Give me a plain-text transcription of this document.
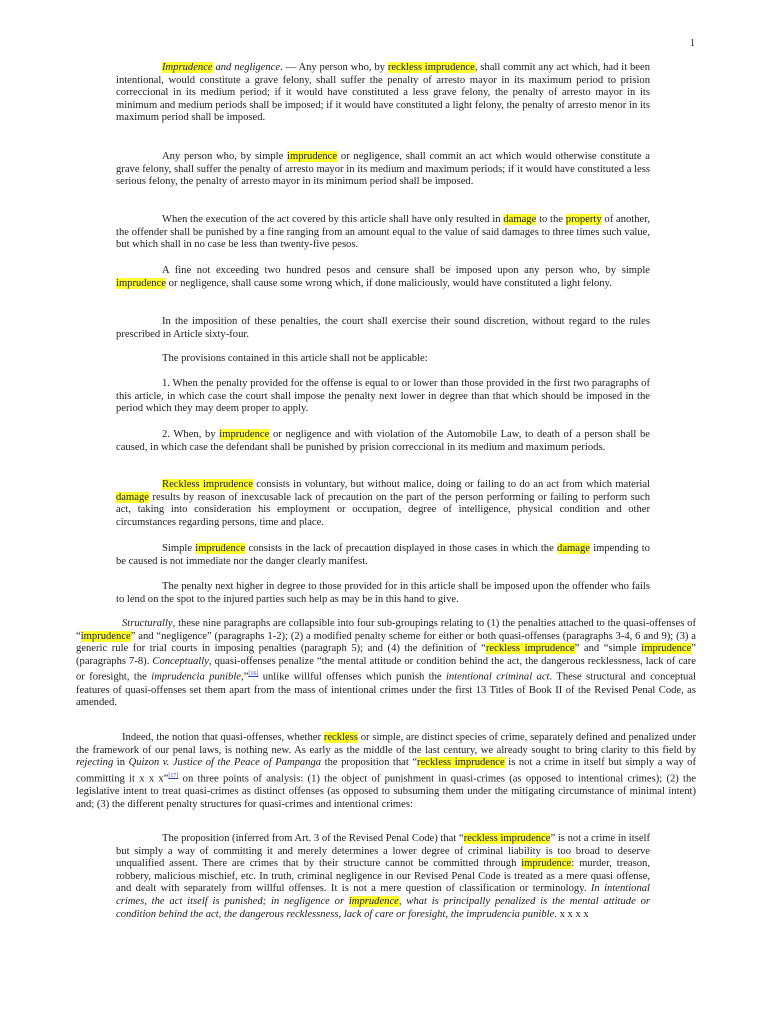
1

Imprudence and negligence. — Any person who, by reckless imprudence, shall commit any act which, had it been intentional, would constitute a grave felony, shall suffer the penalty of arresto mayor in its maximum period to prision correccional in its medium period; if it would have constituted a less grave felony, the penalty of arresto mayor in its minimum and medium periods shall be imposed; if it would have constituted a light felony, the penalty of arresto menor in its maximum period shall be imposed.

Any person who, by simple imprudence or negligence, shall commit an act which would otherwise constitute a grave felony, shall suffer the penalty of arresto mayor in its medium and maximum periods; if it would have constituted a less serious felony, the penalty of arresto mayor in its minimum period shall be imposed.

When the execution of the act covered by this article shall have only resulted in damage to the property of another, the offender shall be punished by a fine ranging from an amount equal to the value of said damages to three times such value, but which shall in no case be less than twenty-five pesos.

A fine not exceeding two hundred pesos and censure shall be imposed upon any person who, by simple imprudence or negligence, shall cause some wrong which, if done maliciously, would have constituted a light felony.

In the imposition of these penalties, the court shall exercise their sound discretion, without regard to the rules prescribed in Article sixty-four.

The provisions contained in this article shall not be applicable:

1. When the penalty provided for the offense is equal to or lower than those provided in the first two paragraphs of this article, in which case the court shall impose the penalty next lower in degree than that which should be imposed in the period which they may deem proper to apply.

2. When, by imprudence or negligence and with violation of the Automobile Law, to death of a person shall be caused, in which case the defendant shall be punished by prision correccional in its medium and maximum periods.

Reckless imprudence consists in voluntary, but without malice, doing or failing to do an act from which material damage results by reason of inexcusable lack of precaution on the part of the person performing or failing to perform such act, taking into consideration his employment or occupation, degree of intelligence, physical condition and other circumstances regarding persons, time and place.

Simple imprudence consists in the lack of precaution displayed in those cases in which the damage impending to be caused is not immediate nor the danger clearly manifest.

The penalty next higher in degree to those provided for in this article shall be imposed upon the offender who fails to lend on the spot to the injured parties such help as may be in this hand to give.

Structurally, these nine paragraphs are collapsible into four sub-groupings relating to (1) the penalties attached to the quasi-offenses of “imprudence” and “negligence” (paragraphs 1-2); (2) a modified penalty scheme for either or both quasi-offenses (paragraphs 3-4, 6 and 9); (3) a generic rule for trial courts in imposing penalties (paragraph 5); and (4) the definition of “reckless imprudence” and “simple imprudence” (paragraphs 7-8). Conceptually, quasi-offenses penalize “the mental attitude or condition behind the act, the dangerous recklessness, lack of care or foresight, the imprudencia punible,”[16] unlike willful offenses which punish the intentional criminal act. These structural and conceptual features of quasi-offenses set them apart from the mass of intentional crimes under the first 13 Titles of Book II of the Revised Penal Code, as amended.

Indeed, the notion that quasi-offenses, whether reckless or simple, are distinct species of crime, separately defined and penalized under the framework of our penal laws, is nothing new. As early as the middle of the last century, we already sought to bring clarity to this field by rejecting in Quizon v. Justice of the Peace of Pampanga the proposition that “reckless imprudence is not a crime in itself but simply a way of committing it x x x”[17] on three points of analysis: (1) the object of punishment in quasi-crimes (as opposed to intentional crimes); (2) the legislative intent to treat quasi-crimes as distinct offenses (as opposed to subsuming them under the mitigating circumstance of minimal intent) and; (3) the different penalty structures for quasi-crimes and intentional crimes:

The proposition (inferred from Art. 3 of the Revised Penal Code) that “reckless imprudence” is not a crime in itself but simply a way of committing it and merely determines a lower degree of criminal liability is too broad to deserve unqualified assent. There are crimes that by their structure cannot be committed through imprudence: murder, treason, robbery, malicious mischief, etc. In truth, criminal negligence in our Revised Penal Code is treated as a mere quasi offense, and dealt with separately from willful offenses. It is not a mere question of classification or terminology. In intentional crimes, the act itself is punished; in negligence or imprudence, what is principally penalized is the mental attitude or condition behind the act, the dangerous recklessness, lack of care or foresight, the imprudencia punible. x x x x
